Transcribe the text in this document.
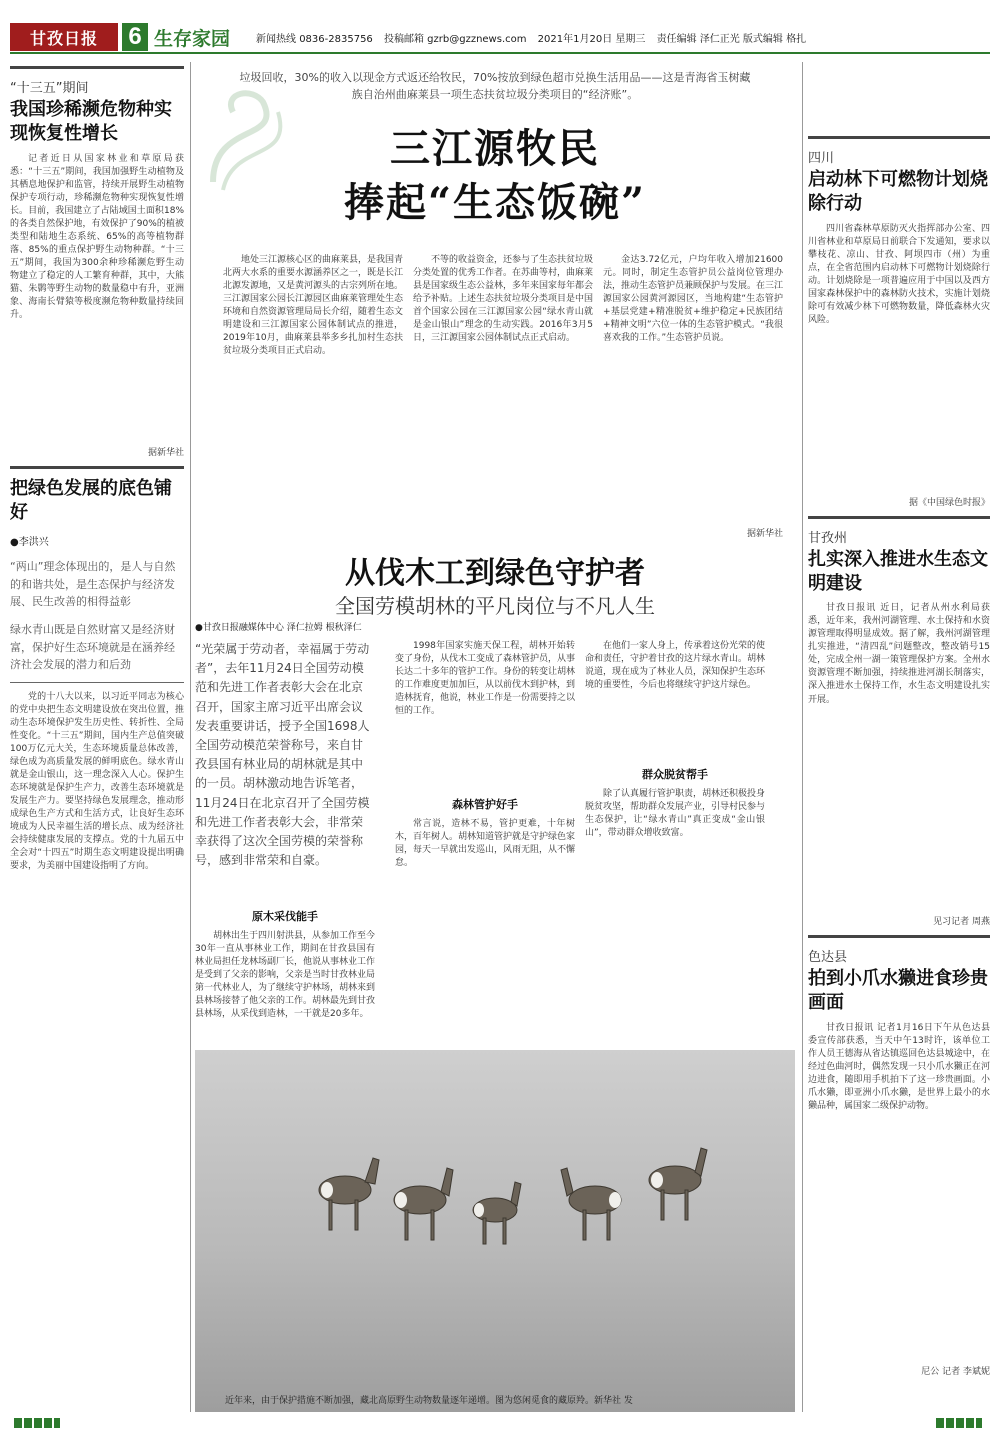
甘孜日报	6 生存家园	新闻热线 0836-2835756 投稿邮箱 gzrb@gzznews.com 2021年1月20日 星期三 责任编辑 泽仁正光 版式编辑 格扎
“十三五”期间
我国珍稀濒危物种实现恢复性增长
记者近日从国家林业和草原局获悉：“十三五”期间，我国加强野生动植物及其栖息地保护和监管，持续开展野生动植物保护专项行动，珍稀濒危物种实现恢复性增长。目前，我国建立了占陆域国土面积18%的各类自然保护地，有效保护了90%的植被类型和陆地生态系统、65%的高等植物群落、85%的重点保护野生动物种群。“十三五”期间，我国为300余种珍稀濒危野生动物建立了稳定的人工繁育种群，其中，大熊猫、朱鹮等野生动物的数量稳中有升，亚洲象、海南长臂猿等极度濒危物种数量持续回升。
据新华社
把绿色发展的底色铺好
●李洪兴
“两山”理念体现出的，是人与自然的和谐共处，是生态保护与经济发展、民生改善的相得益彰
绿水青山既是自然财富又是经济财富，保护好生态环境就是在涵养经济社会发展的潜力和后劲
党的十八大以来，以习近平同志为核心的党中央把生态文明建设放在突出位置，推动生态环境保护发生历史性、转折性、全局性变化。“十三五”期间，国内生产总值突破100万亿元大关，生态环境质量总体改善，绿色成为高质量发展的鲜明底色。绿水青山就是金山银山，这一理念深入人心。保护生态环境就是保护生产力，改善生态环境就是发展生产力。要坚持绿色发展理念，推动形成绿色生产方式和生活方式，让良好生态环境成为人民幸福生活的增长点、成为经济社会持续健康发展的支撑点。党的十九届五中全会对“十四五”时期生态文明建设提出明确要求，为美丽中国建设指明了方向。
垃圾回收，30%的收入以现金方式返还给牧民，70%按放到绿色超市兑换生活用品——这是青海省玉树藏族自治州曲麻莱县一项生态扶贫垃圾分类项目的“经济账”。
三江源牧民
捧起“生态饭碗”
地处三江源核心区的曲麻莱县，是我国青北两大水系的重要水源涵养区之一，既是长江北源发源地，又是黄河源头的古宗列所在地。三江源国家公园长江源园区曲麻莱管理处生态环境和自然资源管理局局长介绍，随着生态文明建设和三江源国家公园体制试点的推进，2019年10月，曲麻莱县举多乡扎加村生态扶贫垃圾分类项目正式启动。
不等的收益资金，还参与了生态扶贫垃圾分类处置的优秀工作者。在苏曲等村，曲麻莱县是国家级生态公益林，多年来国家每年都会给予补贴。上述生态扶贫垃圾分类项目是中国首个国家公园在三江源国家公园“绿水青山就是金山银山”理念的生动实践。2016年3月5日，三江源国家公园体制试点正式启动。
金达3.72亿元，户均年收入增加21600元。同时，制定生态管护员公益岗位管理办法，推动生态管护员兼顾保护与发展。在三江源国家公园黄河源园区，当地构建“生态管护+基层党建+精准脱贫+维护稳定+民族团结+精神文明”六位一体的生态管护模式。“我很喜欢我的工作。”生态管护员说。
据新华社
从伐木工到绿色守护者
全国劳模胡林的平凡岗位与不凡人生
●甘孜日报融媒体中心 泽仁拉姆 根秋泽仁
“光荣属于劳动者，幸福属于劳动者”，去年11月24日全国劳动模范和先进工作者表彰大会在北京召开，国家主席习近平出席会议发表重要讲话，授予全国1698人全国劳动模范荣誉称号，来自甘孜县国有林业局的胡林就是其中的一员。胡林激动地告诉笔者，11月24日在北京召开了全国劳模和先进工作者表彰大会，非常荣幸获得了这次全国劳模的荣誉称号，感到非常荣和自豪。
原木采伐能手
胡林出生于四川射洪县，从参加工作至今30年一直从事林业工作，期间在甘孜县国有林业局担任龙林场副厂长，他说从事林业工作是受到了父亲的影响，父亲是当时甘孜林业局第一代林业人，为了继续守护林场，胡林来到县林场接替了他父亲的工作。胡林最先到甘孜县林场，从采伐到造林，一干就是20多年。
1998年国家实施天保工程，胡林开始转变了身份，从伐木工变成了森林管护员，从事长达二十多年的管护工作。身份的转变让胡林的工作难度更加加巨，从以前伐木到护林，到造林抚育，他说，林业工作是一份需要持之以恒的工作。
森林管护好手
常言说，造林不易，管护更难，十年树木，百年树人。胡林知道管护就是守护绿色家园，每天一早就出发巡山，风雨无阻，从不懈怠。
在他们一家人身上，传承着这份光荣的使命和责任，守护着甘孜的这片绿水青山。胡林说道，现在成为了林业人员，深知保护生态环境的重要性，今后也将继续守护这片绿色。
群众脱贫帮手
除了认真履行管护职责，胡林还积极投身脱贫攻坚，帮助群众发展产业，引导村民参与生态保护，让“绿水青山”真正变成“金山银山”，带动群众增收致富。
近年来，由于保护措施不断加强，藏北高原野生动物数量逐年递增。图为悠闲觅食的藏原羚。新华社 发
四川
启动林下可燃物计划烧除行动
四川省森林草原防灭火指挥部办公室、四川省林业和草原局日前联合下发通知，要求以攀枝花、凉山、甘孜、阿坝四市（州）为重点，在全省范围内启动林下可燃物计划烧除行动。计划烧除是一项普遍应用于中国以及西方国家森林保护中的森林防火技术，实施计划烧除可有效减少林下可燃物数量，降低森林火灾风险。
据《中国绿色时报》
甘孜州
扎实深入推进水生态文明建设
甘孜日报讯 近日，记者从州水利局获悉，近年来，我州河湖管理、水土保持和水资源管理取得明显成效。据了解，我州河湖管理扎实推进，“清四乱”问题整改，整改销号15处，完成全州一湖一策管理保护方案。全州水资源管理不断加强，持续推进河湖长制落实，深入推进水土保持工作，水生态文明建设扎实开展。
见习记者 周燕
色达县
拍到小爪水獭进食珍贵画面
甘孜日报讯 记者1月16日下午从色达县委宣传部获悉，当天中午13时许，该单位工作人员王德海从省达镇巡回色达县城途中，在经过色曲河时，偶然发现一只小爪水獭正在河边进食，随即用手机拍下了这一珍贵画面。小爪水獭，即亚洲小爪水獭，是世界上最小的水獭品种，属国家二级保护动物。
尼公 记者 李斌妮
